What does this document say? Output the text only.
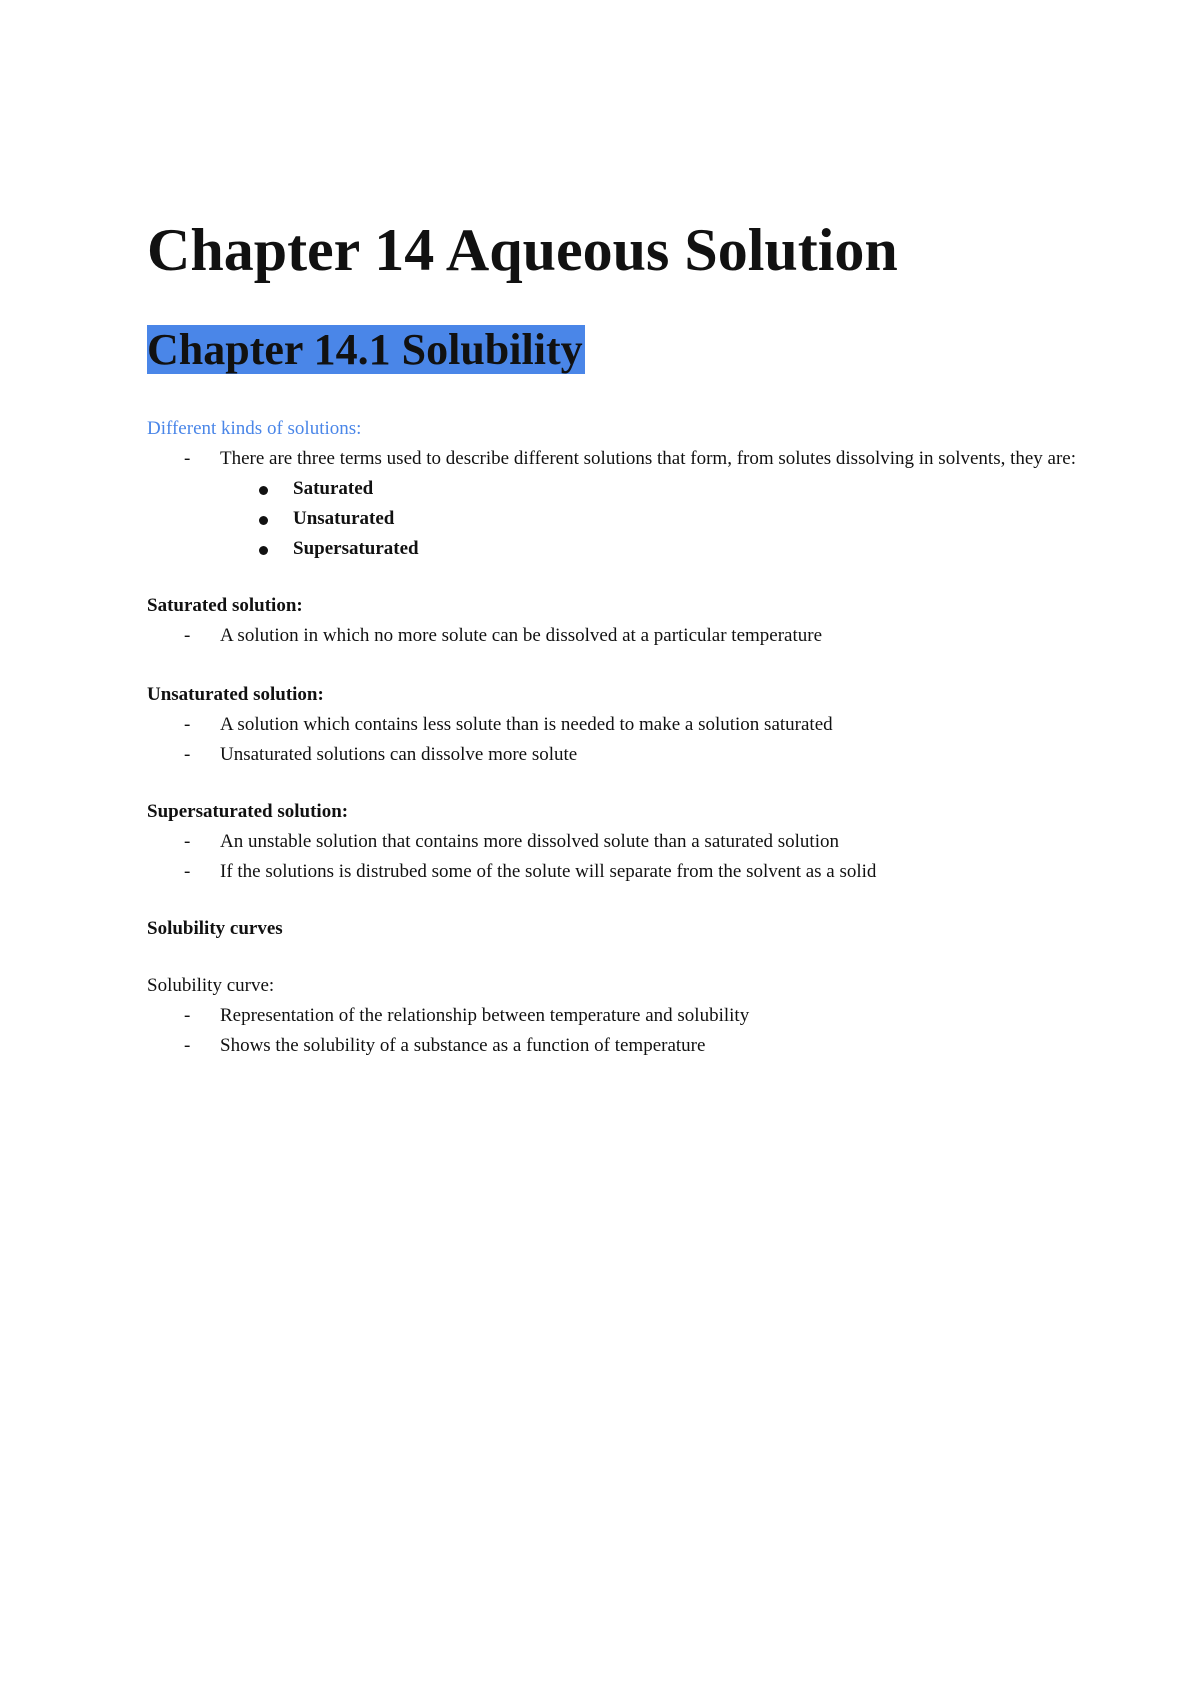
Chapter 14 Aqueous Solution
Chapter 14.1 Solubility
Different kinds of solutions:
- There are three terms used to describe different solutions that form, from solutes dissolving in solvents, they are:
Saturated
Unsaturated
Supersaturated
Saturated solution:
- A solution in which no more solute can be dissolved at a particular temperature
Unsaturated solution:
- A solution which contains less solute than is needed to make a solution saturated
- Unsaturated solutions can dissolve more solute
Supersaturated solution:
- An unstable solution that contains more dissolved solute than a saturated solution
- If the solutions is distrubed some of the solute will separate from the solvent as a solid
Solubility curves
Solubility curve:
- Representation of the relationship between temperature and solubility
- Shows the solubility of a substance as a function of temperature
